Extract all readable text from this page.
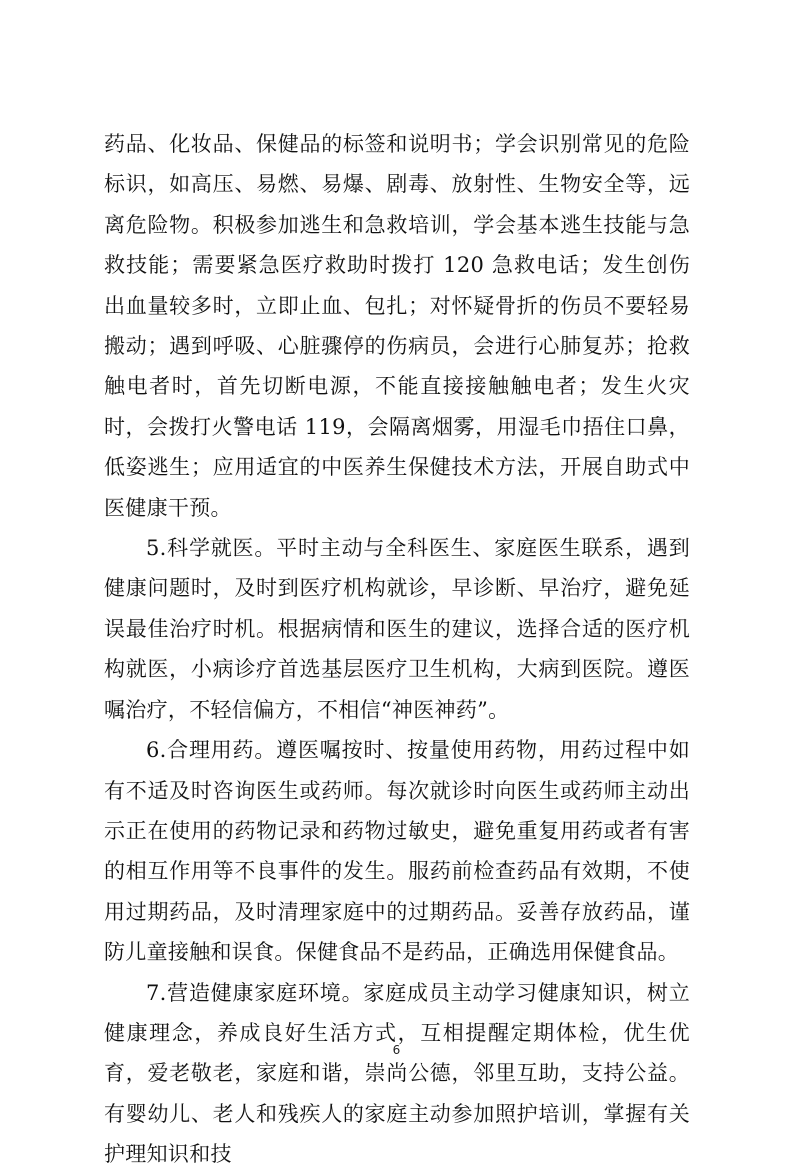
药品、化妆品、保健品的标签和说明书；学会识别常见的危险标识，如高压、易燃、易爆、剧毒、放射性、生物安全等，远离危险物。积极参加逃生和急救培训，学会基本逃生技能与急救技能；需要紧急医疗救助时拨打 120 急救电话；发生创伤出血量较多时，立即止血、包扎；对怀疑骨折的伤员不要轻易搬动；遇到呼吸、心脏骤停的伤病员，会进行心肺复苏；抢救触电者时，首先切断电源，不能直接接触触电者；发生火灾时，会拨打火警电话 119，会隔离烟雾，用湿毛巾捂住口鼻，低姿逃生；应用适宜的中医养生保健技术方法，开展自助式中医健康干预。

5.科学就医。平时主动与全科医生、家庭医生联系，遇到健康问题时，及时到医疗机构就诊，早诊断、早治疗，避免延误最佳治疗时机。根据病情和医生的建议，选择合适的医疗机构就医，小病诊疗首选基层医疗卫生机构，大病到医院。遵医嘱治疗，不轻信偏方，不相信“神医神药”。

6.合理用药。遵医嘱按时、按量使用药物，用药过程中如有不适及时咨询医生或药师。每次就诊时向医生或药师主动出示正在使用的药物记录和药物过敏史，避免重复用药或者有害的相互作用等不良事件的发生。服药前检查药品有效期，不使用过期药品，及时清理家庭中的过期药品。妥善存放药品，谨防儿童接触和误食。保健食品不是药品，正确选用保健食品。

7.营造健康家庭环境。家庭成员主动学习健康知识，树立健康理念，养成良好生活方式，互相提醒定期体检，优生优育，爱老敬老，家庭和谐，崇尚公德，邻里互助，支持公益。有婴幼儿、老人和残疾人的家庭主动参加照护培训，掌握有关护理知识和技

6
